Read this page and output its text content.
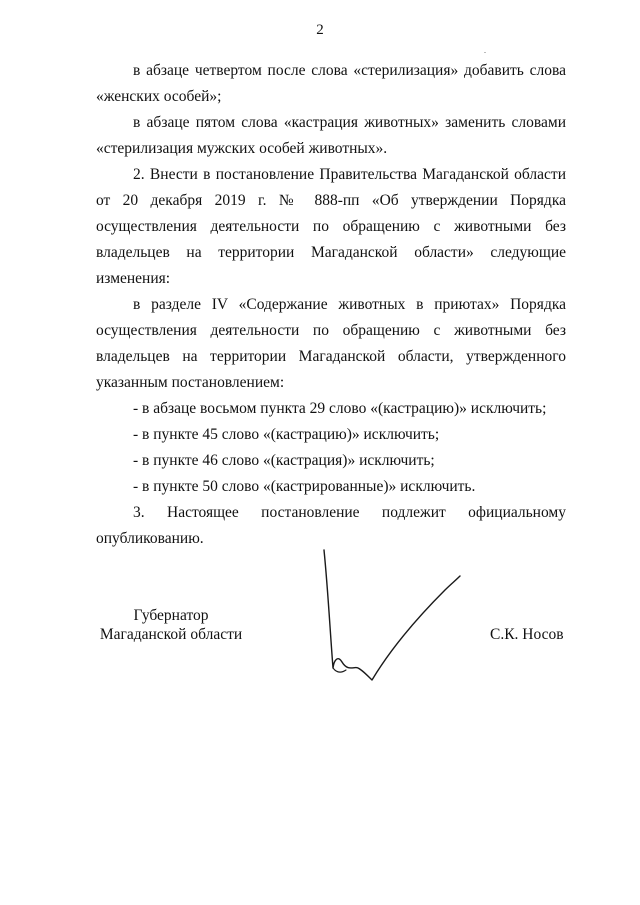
2

в абзаце четвертом после слова «стерилизация» добавить слова «женских особей»;

в абзаце пятом слова «кастрация животных» заменить словами «стерилизация мужских особей животных».

2. Внести в постановление Правительства Магаданской области от 20 декабря 2019 г. № 888-пп «Об утверждении Порядка осуществления деятельности по обращению с животными без владельцев на территории Магаданской области» следующие изменения:

в разделе IV «Содержание животных в приютах» Порядка осуществления деятельности по обращению с животными без владельцев на территории Магаданской области, утвержденного указанным постановлением:

- в абзаце восьмом пункта 29 слово «(кастрацию)» исключить;

- в пункте 45 слово «(кастрацию)» исключить;

- в пункте 46 слово «(кастрация)» исключить;

- в пункте 50 слово «(кастрированные)» исключить.

3. Настоящее постановление подлежит официальному опубликованию.

Губернатор
Магаданской области	С.К. Носов
